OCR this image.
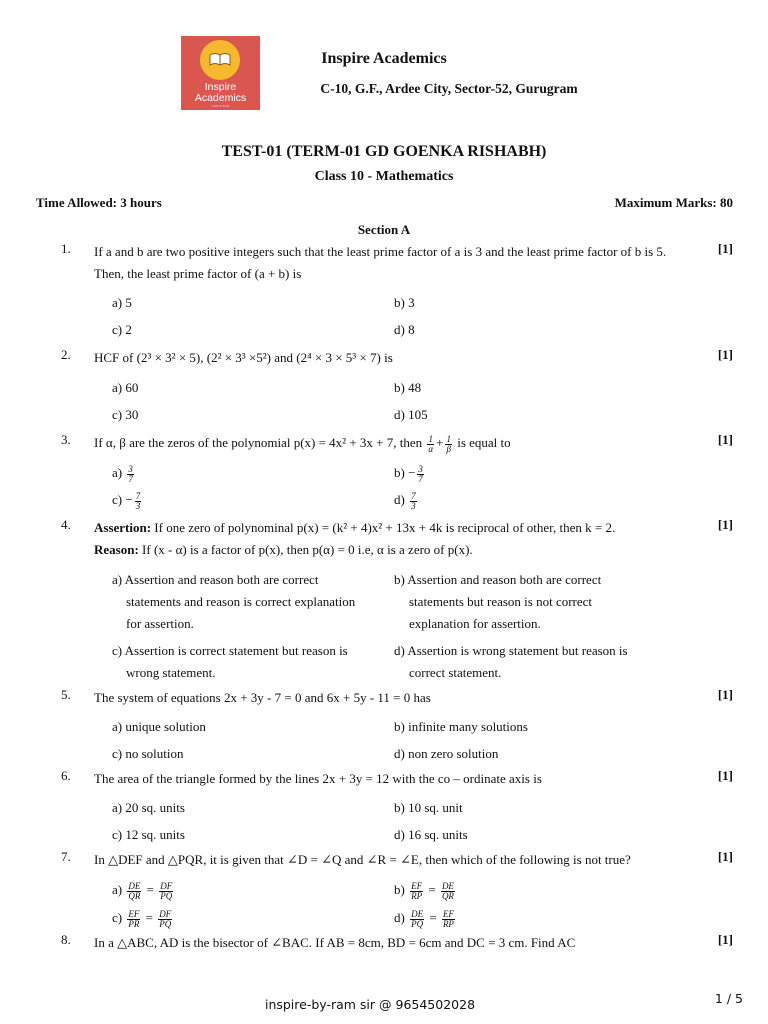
Inspire
Academics
GURUGRAM
Inspire Academics
C-10, G.F., Ardee City, Sector-52, Gurugram
TEST-01 (TERM-01 GD GOENKA RISHABH)
Class 10 - Mathematics
Time Allowed: 3 hours	Maximum Marks: 80
Section A
1. If a and b are two positive integers such that the least prime factor of a is 3 and the least prime factor of b is 5.
Then, the least prime factor of (a + b) is
[1]
a) 5	b) 3
c) 2	d) 8
2. HCF of (2³ × 3² × 5), (2² × 3³ ×5²) and (2⁴ × 3 × 5³ × 7) is	[1]
a) 60	b) 48
c) 30	d) 105
3. If α, β are the zeros of the polynomial p(x) = 4x² + 3x + 7, then $\frac{1}{\alpha} + \frac{1}{\beta}$ is equal to	[1]
$a) \frac{3}{7}$	$b) - \frac{3}{7}$
$c) - \frac{7}{3}$	$d) \frac{7}{3}$
4. Assertion: If one zero of polynominal p(x) = (k² + 4)x² + 13x + 4k is reciprocal of other, then k = 2.
Reason: If (x - α) is a factor of p(x), then p(α) = 0 i.e, α is a zero of p(x).
[1]
a) Assertion and reason both are correct
statements and reason is correct explanation
for assertion.
b) Assertion and reason both are correct
statements but reason is not correct
explanation for assertion.
c) Assertion is correct statement but reason is
wrong statement.
d) Assertion is wrong statement but reason is
correct statement.
5. The system of equations 2x + 3y - 7 = 0 and 6x + 5y - 11 = 0 has	[1]
a) unique solution	b) infinite many solutions
c) no solution	d) non zero solution
6. The area of the triangle formed by the lines 2x + 3y = 12 with the co – ordinate axis is	[1]
a) 20 sq. units	b) 10 sq. unit
c) 12 sq. units	d) 16 sq. units
7. In △DEF and △PQR, it is given that ∠D = ∠Q and ∠R = ∠E, then which of the following is not true?	[1]
$a) \frac{DE}{QR} = \frac{DF}{PQ}$	$b) \frac{EF}{RP} = \frac{DE}{QR}$
$c) \frac{EF}{PR} = \frac{DF}{PQ}$	$d) \frac{DE}{PQ} = \frac{EF}{RP}$
8. In a △ABC, AD is the bisector of ∠BAC. If AB = 8cm, BD = 6cm and DC = 3 cm. Find AC	[1]
inspire-by-ram sir @ 9654502028	1 / 5
